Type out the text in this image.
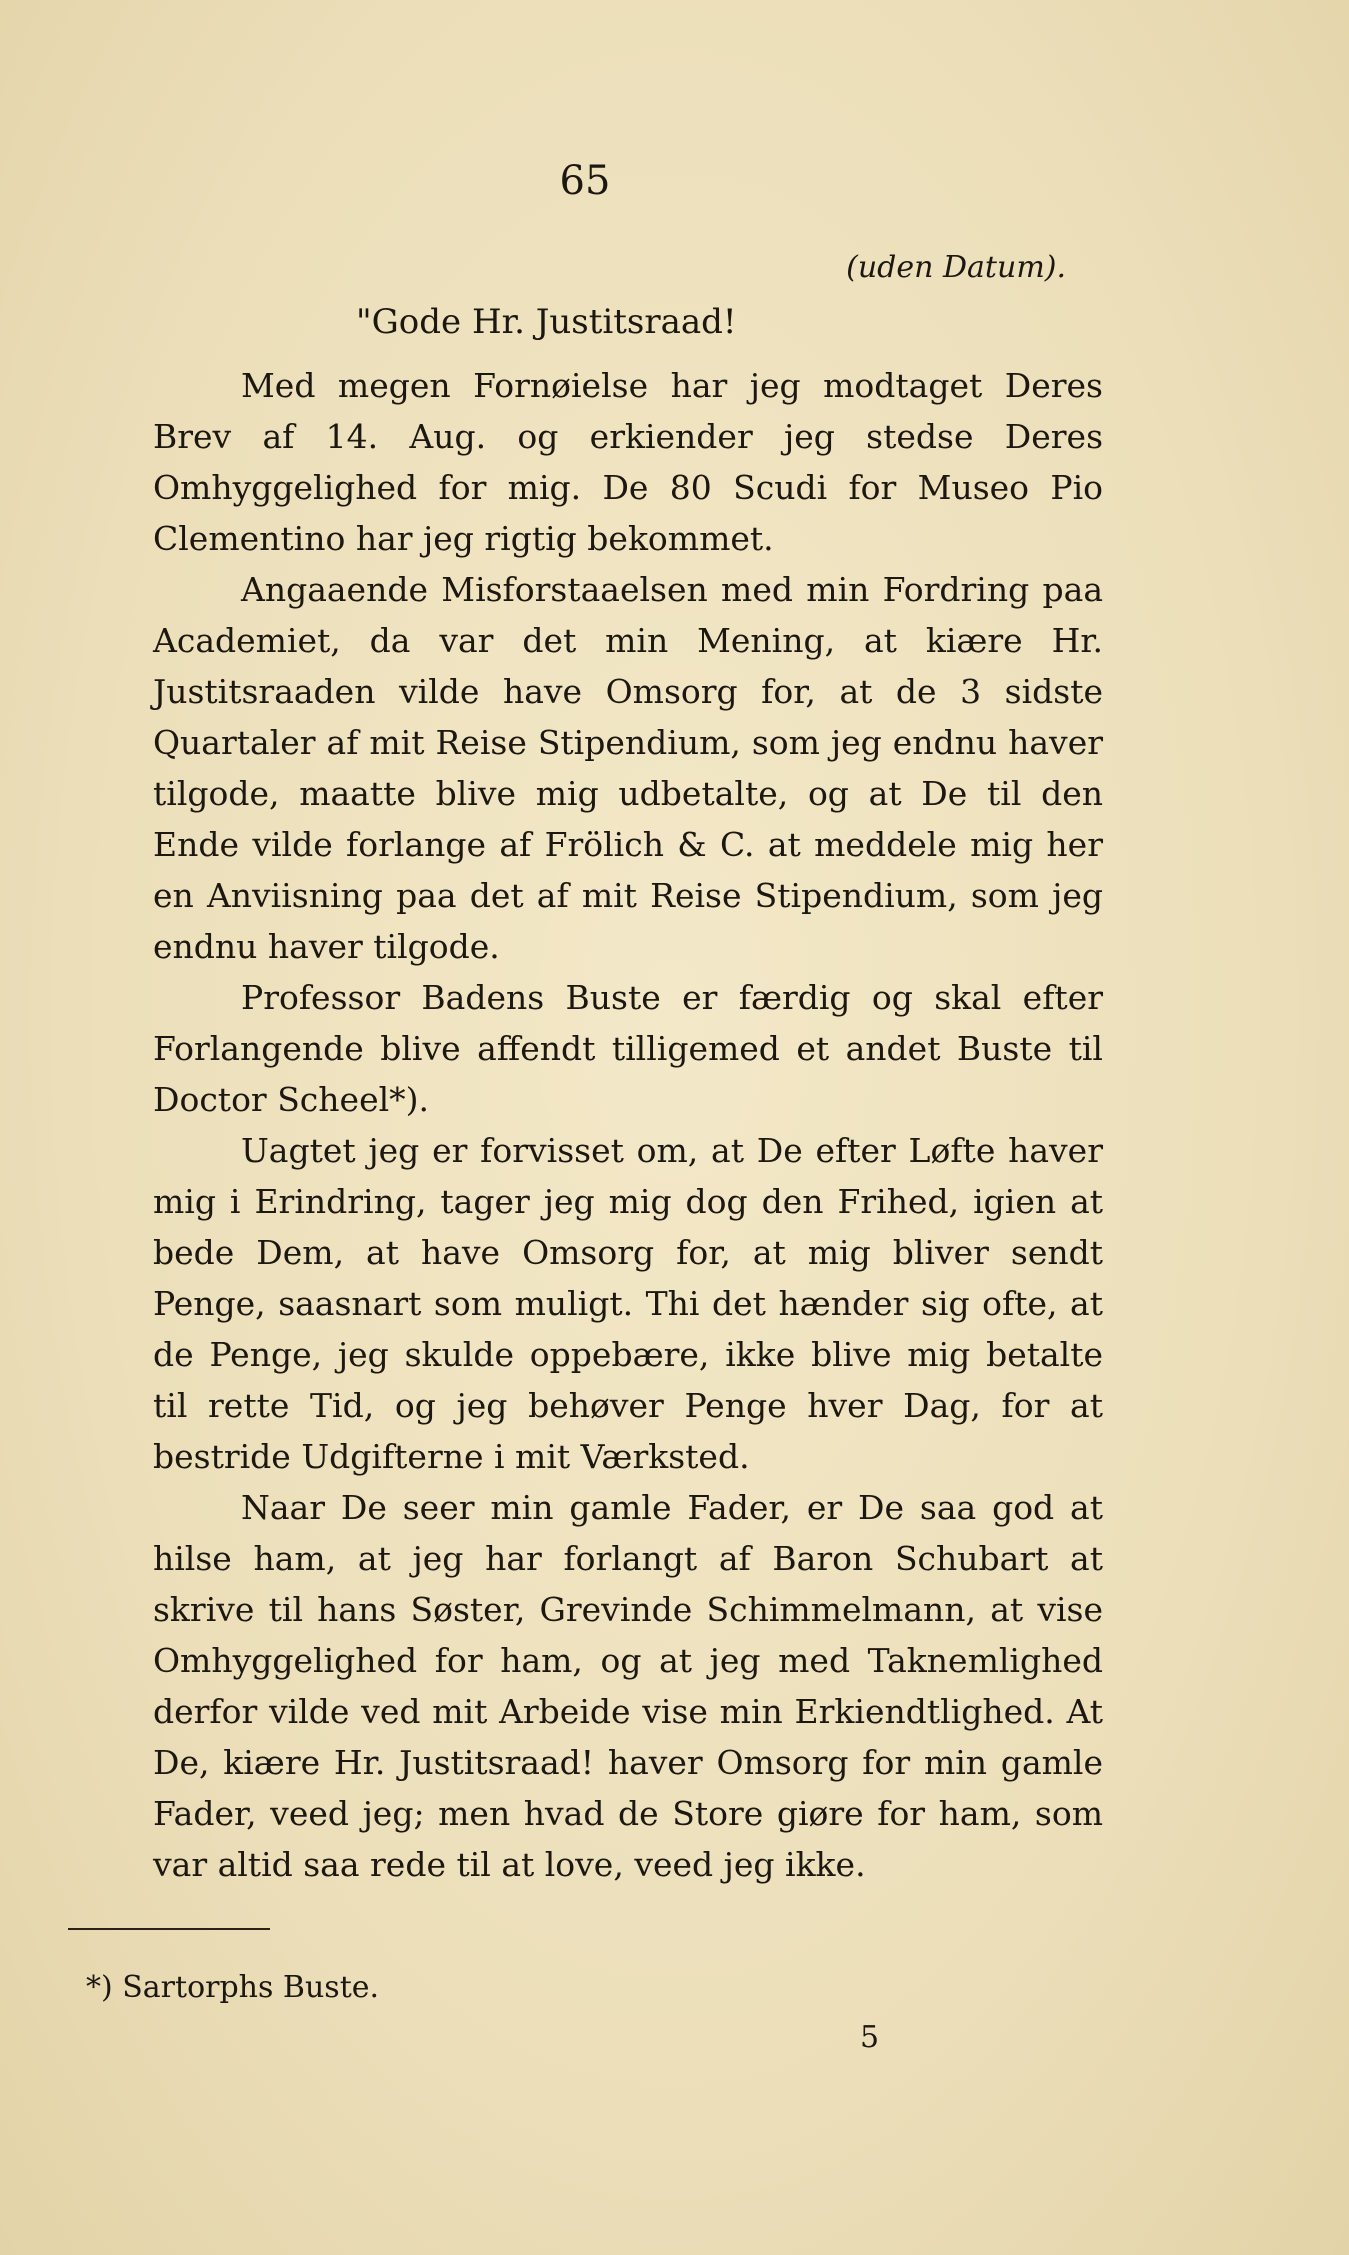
65
(uden Datum).
"Gode Hr. Justitsraad!

Med megen Fornøielse har jeg modtaget Deres Brev af 14. Aug. og erkiender jeg stedse Deres Omhyggelighed for mig. De 80 Scudi for Museo Pio Clementino har jeg rigtig bekommet.

Angaaende Misforstaaelsen med min Fordring paa Academiet, da var det min Mening, at kiære Hr. Justitsraaden vilde have Omsorg for, at de 3 sidste Quartaler af mit Reise Stipendium, som jeg endnu haver tilgode, maatte blive mig udbetalte, og at De til den Ende vilde forlange af Frölich & C. at meddele mig her en Anviisning paa det af mit Reise Stipendium, som jeg endnu haver tilgode.

Professor Badens Buste er færdig og skal efter Forlangende blive affendt tilligemed et andet Buste til Doctor Scheel*).

Uagtet jeg er forvisset om, at De efter Løfte haver mig i Erindring, tager jeg mig dog den Frihed, igien at bede Dem, at have Omsorg for, at mig bliver sendt Penge, saasnart som muligt. Thi det hænder sig ofte, at de Penge, jeg skulde oppebære, ikke blive mig betalte til rette Tid, og jeg behøver Penge hver Dag, for at bestride Udgifterne i mit Værksted.

Naar De seer min gamle Fader, er De saa god at hilse ham, at jeg har forlangt af Baron Schubart at skrive til hans Søster, Grevinde Schimmelmann, at vise Omhyggelighed for ham, og at jeg med Taknemlighed derfor vilde ved mit Arbeide vise min Erkiendtlighed. At De, kiære Hr. Justitsraad! haver Omsorg for min gamle Fader, veed jeg; men hvad de Store giøre for ham, som var altid saa rede til at love, veed jeg ikke.

*) Sartorphs Buste.
5
